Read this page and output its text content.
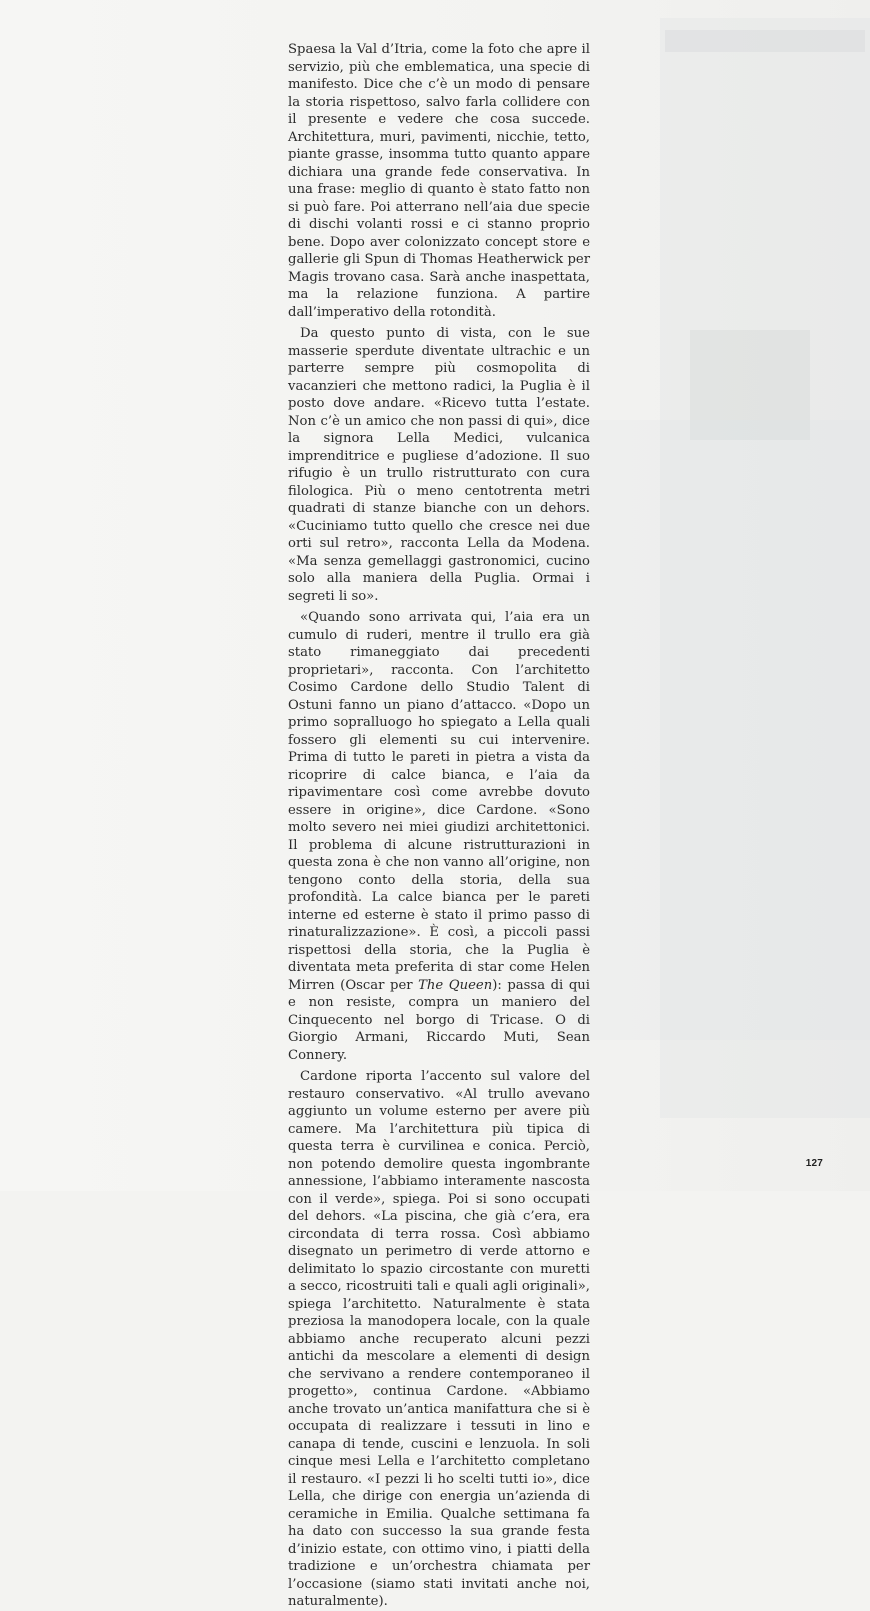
Spaesa la Val d’Itria, come la foto che apre il servizio, più che emblematica, una specie di manifesto. Dice che c’è un modo di pensare la storia rispettoso, salvo farla collidere con il presente e vedere che cosa succede. Architettura, muri, pavimenti, nicchie, tetto, piante grasse, insomma tutto quanto appare dichiara una grande fede conservativa. In una frase: meglio di quanto è stato fatto non si può fare. Poi atterrano nell’aia due specie di dischi volanti rossi e ci stanno proprio bene. Dopo aver colonizzato concept store e gallerie gli Spun di Thomas Heatherwick per Magis trovano casa. Sarà anche inaspettata, ma la relazione funziona. A partire dall’imperativo della rotondità.

Da questo punto di vista, con le sue masserie sperdute diventate ultrachic e un parterre sempre più cosmopolita di vacanzieri che mettono radici, la Puglia è il posto dove andare. «Ricevo tutta l’estate. Non c’è un amico che non passi di qui», dice la signora Lella Medici, vulcanica imprenditrice e pugliese d’adozione. Il suo rifugio è un trullo ristrutturato con cura filologica. Più o meno centotrenta metri quadrati di stanze bianche con un dehors. «Cuciniamo tutto quello che cresce nei due orti sul retro», racconta Lella da Modena. «Ma senza gemellaggi gastronomici, cucino solo alla maniera della Puglia. Ormai i segreti li so».

«Quando sono arrivata qui, l’aia era un cumulo di ruderi, mentre il trullo era già stato rimaneggiato dai precedenti proprietari», racconta. Con l’architetto Cosimo Cardone dello Studio Talent di Ostuni fanno un piano d’attacco. «Dopo un primo sopralluogo ho spiegato a Lella quali fossero gli elementi su cui intervenire. Prima di tutto le pareti in pietra a vista da ricoprire di calce bianca, e l’aia da ripavimentare così come avrebbe dovuto essere in origine», dice Cardone. «Sono molto severo nei miei giudizi architettonici. Il problema di alcune ristrutturazioni in questa zona è che non vanno all’origine, non tengono conto della storia, della sua profondità. La calce bianca per le pareti interne ed esterne è stato il primo passo di rinaturalizzazione». È così, a piccoli passi rispettosi della storia, che la Puglia è diventata meta preferita di star come Helen Mirren (Oscar per The Queen): passa di qui e non resiste, compra un maniero del Cinquecento nel borgo di Tricase. O di Giorgio Armani, Riccardo Muti, Sean Connery.

Cardone riporta l’accento sul valore del restauro conservativo. «Al trullo avevano aggiunto un volume esterno per avere più camere. Ma l’architettura più tipica di questa terra è curvilinea e conica. Perciò, non potendo demolire questa ingombrante annessione, l’abbiamo interamente nascosta con il verde», spiega. Poi si sono occupati del dehors. «La piscina, che già c’era, era circondata di terra rossa. Così abbiamo disegnato un perimetro di verde attorno e delimitato lo spazio circostante con muretti a secco, ricostruiti tali e quali agli originali», spiega l’architetto. Naturalmente è stata preziosa la manodopera locale, con la quale abbiamo anche recuperato alcuni pezzi antichi da mescolare a elementi di design che servivano a rendere contemporaneo il progetto», continua Cardone. «Abbiamo anche trovato un’antica manifattura che si è occupata di realizzare i tessuti in lino e canapa di tende, cuscini e lenzuola. In soli cinque mesi Lella e l’architetto completano il restauro. «I pezzi li ho scelti tutti io», dice Lella, che dirige con energia un’azienda di ceramiche in Emilia. Qualche settimana fa ha dato con successo la sua grande festa d’inizio estate, con ottimo vino, i piatti della tradizione e un’orchestra chiamata per l’occasione (siamo stati invitati anche noi, naturalmente).

127
